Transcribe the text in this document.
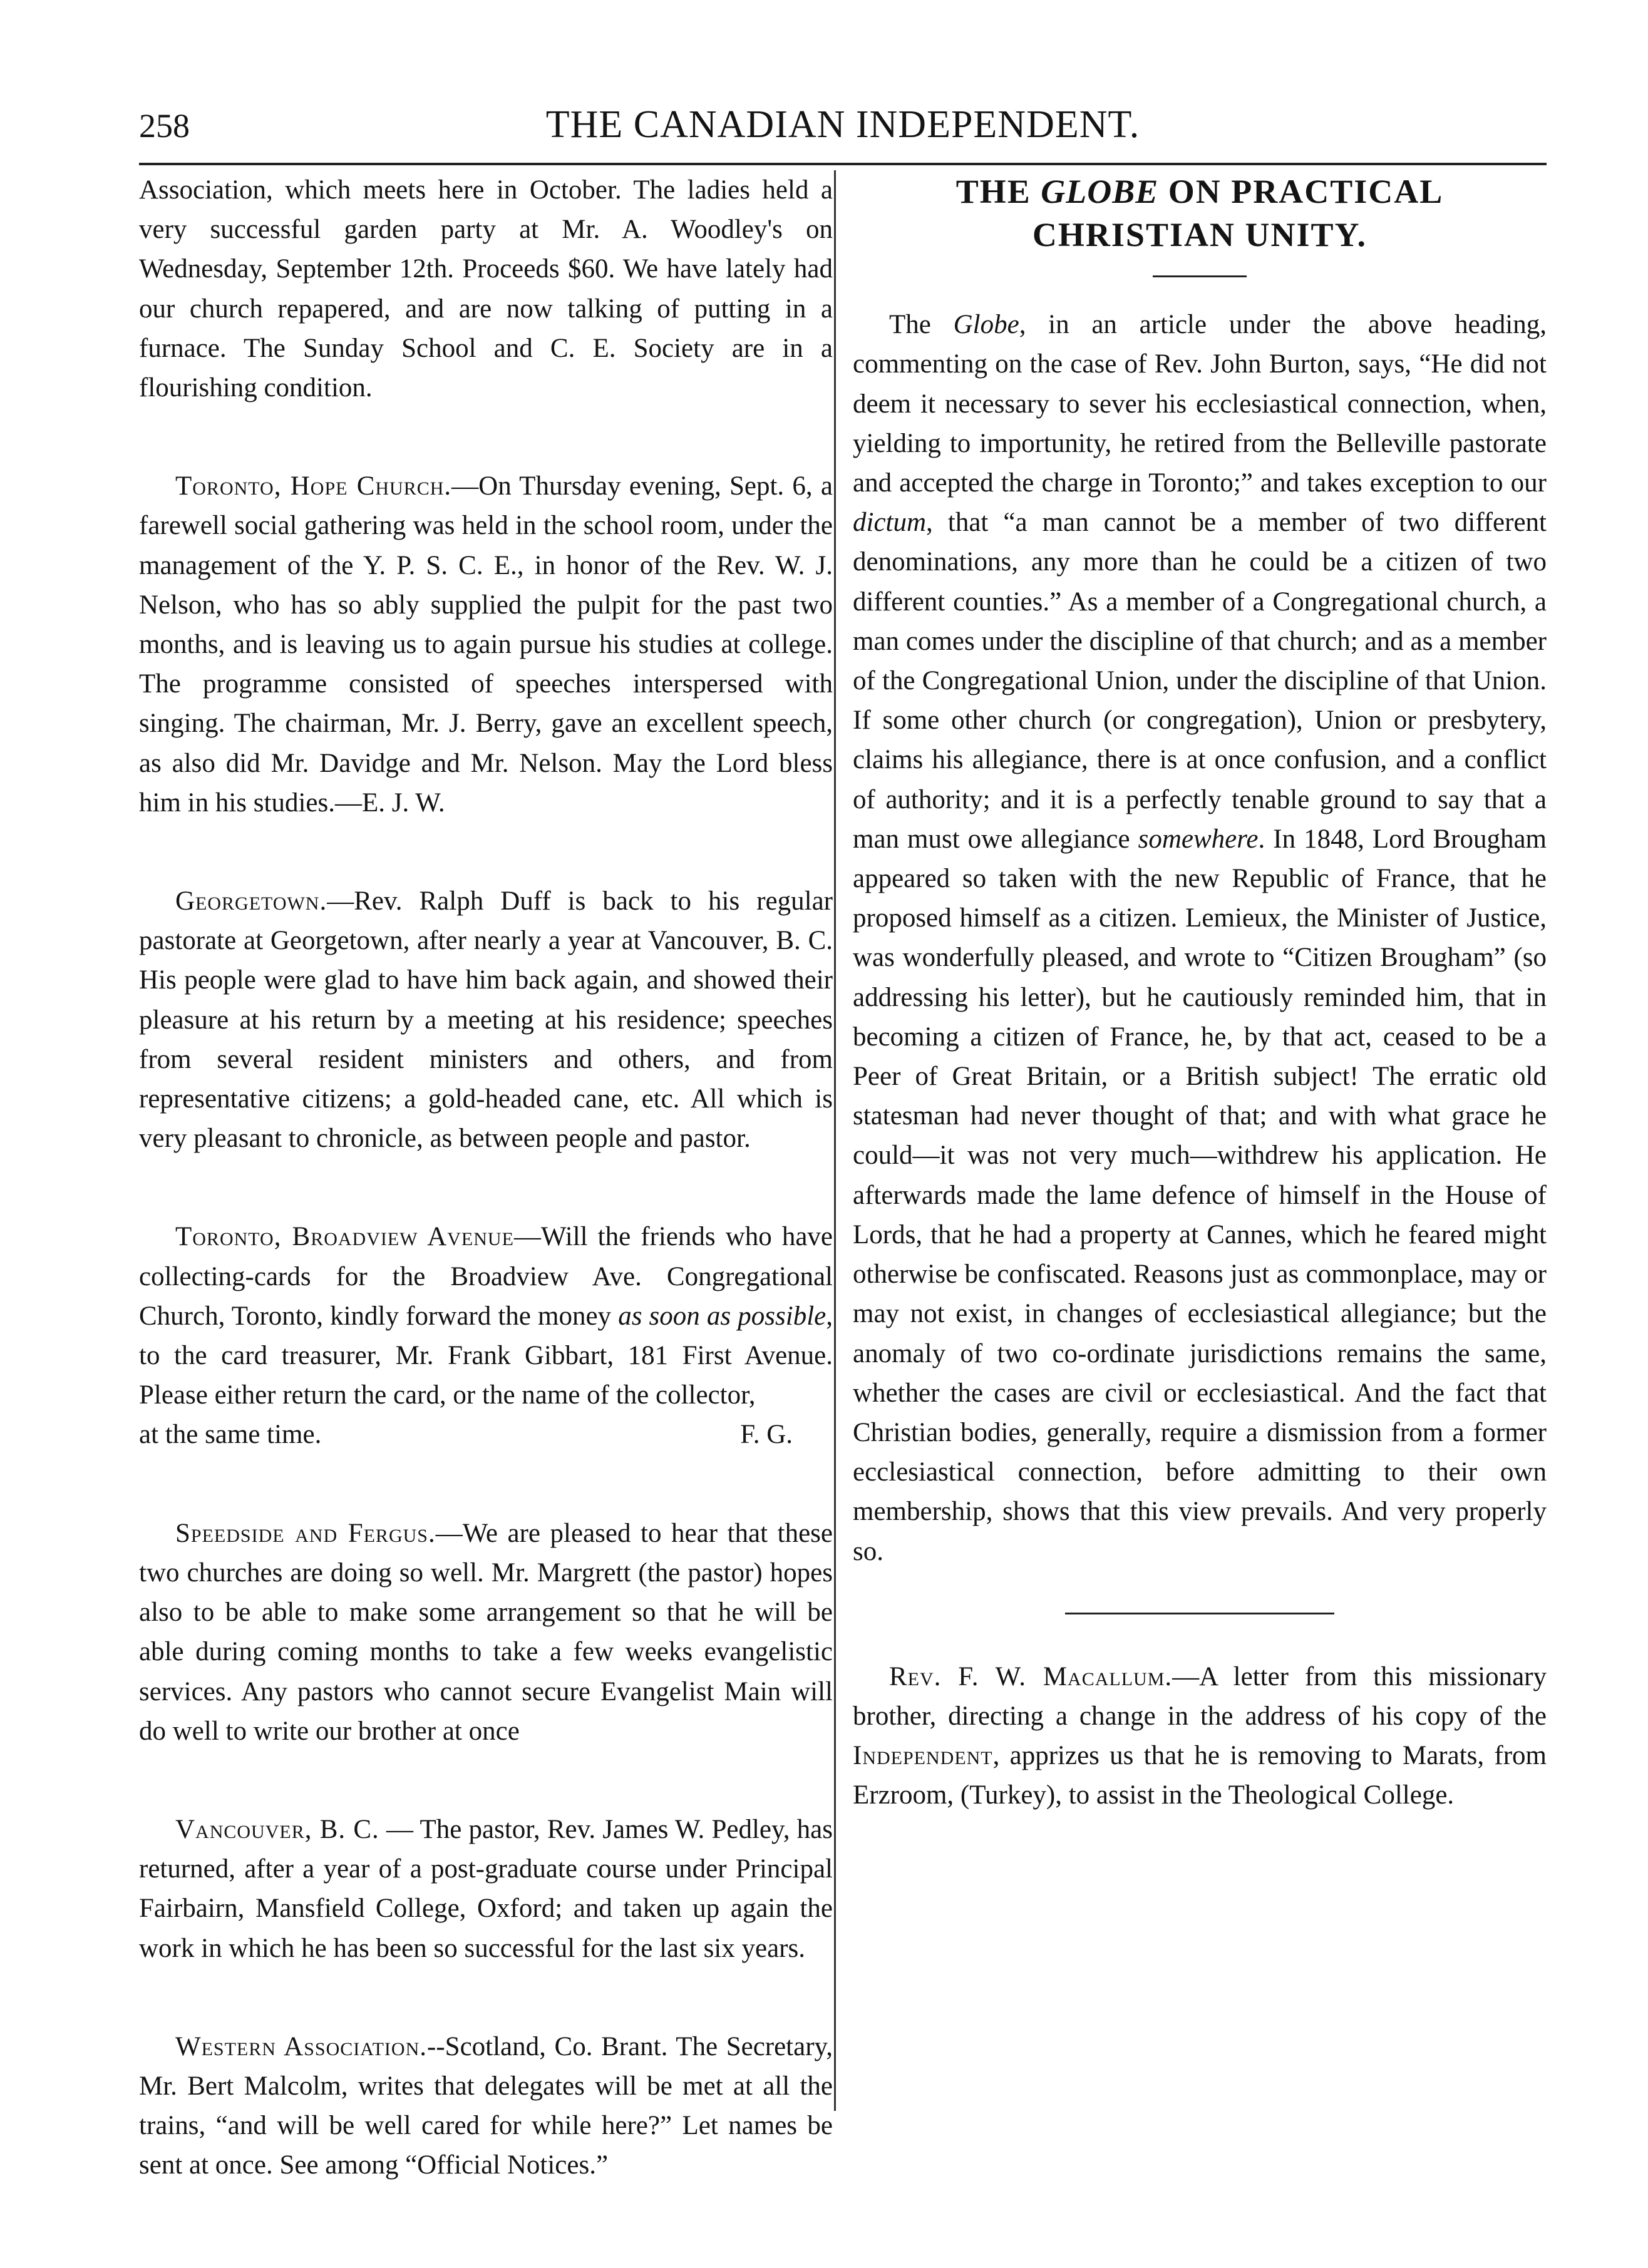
258	THE CANADIAN INDEPENDENT.

Association, which meets here in October. The ladies held a very successful garden party at Mr. A. Woodley's on Wednesday, September 12th. Proceeds $60. We have lately had our church repapered, and are now talking of putting in a furnace. The Sunday School and C. E. Society are in a flourishing condition.

Toronto, Hope Church.—On Thursday evening, Sept. 6, a farewell social gathering was held in the school room, under the management of the Y. P. S. C. E., in honor of the Rev. W. J. Nelson, who has so ably supplied the pulpit for the past two months, and is leaving us to again pursue his studies at college. The programme consisted of speeches interspersed with singing. The chairman, Mr. J. Berry, gave an excellent speech, as also did Mr. Davidge and Mr. Nelson. May the Lord bless him in his studies.—E. J. W.

Georgetown.—Rev. Ralph Duff is back to his regular pastorate at Georgetown, after nearly a year at Vancouver, B. C. His people were glad to have him back again, and showed their pleasure at his return by a meeting at his residence; speeches from several resident ministers and others, and from representative citizens; a gold-headed cane, etc. All which is very pleasant to chronicle, as between people and pastor.

Toronto, Broadview Avenue—Will the friends who have collecting-cards for the Broadview Ave. Congregational Church, Toronto, kindly forward the money as soon as possible, to the card treasurer, Mr. Frank Gibbart, 181 First Avenue. Please either return the card, or the name of the collector,

at the same time.	F. G.

Speedside and Fergus.—We are pleased to hear that these two churches are doing so well. Mr. Margrett (the pastor) hopes also to be able to make some arrangement so that he will be able during coming months to take a few weeks evangelistic services. Any pastors who cannot secure Evangelist Main will do well to write our brother at once

Vancouver, B. C. — The pastor, Rev. James W. Pedley, has returned, after a year of a post-graduate course under Principal Fairbairn, Mansfield College, Oxford; and taken up again the work in which he has been so successful for the last six years.

Western Association.--Scotland, Co. Brant. The Secretary, Mr. Bert Malcolm, writes that delegates will be met at all the trains, “and will be well cared for while here?” Let names be sent at once. See among “Official Notices.”

THE GLOBE ON PRACTICAL CHRISTIAN UNITY.

The Globe, in an article under the above heading, commenting on the case of Rev. John Burton, says, “He did not deem it necessary to sever his ecclesiastical connection, when, yielding to importunity, he retired from the Belleville pastorate and accepted the charge in Toronto;” and takes exception to our dictum, that “a man cannot be a member of two different denominations, any more than he could be a citizen of two different counties.” As a member of a Congregational church, a man comes under the discipline of that church; and as a member of the Congregational Union, under the discipline of that Union. If some other church (or congregation), Union or presbytery, claims his allegiance, there is at once confusion, and a conflict of authority; and it is a perfectly tenable ground to say that a man must owe allegiance somewhere. In 1848, Lord Brougham appeared so taken with the new Republic of France, that he proposed himself as a citizen. Lemieux, the Minister of Justice, was wonderfully pleased, and wrote to “Citizen Brougham” (so addressing his letter), but he cautiously reminded him, that in becoming a citizen of France, he, by that act, ceased to be a Peer of Great Britain, or a British subject! The erratic old statesman had never thought of that; and with what grace he could—it was not very much—withdrew his application. He afterwards made the lame defence of himself in the House of Lords, that he had a property at Cannes, which he feared might otherwise be confiscated. Reasons just as commonplace, may or may not exist, in changes of ecclesiastical allegiance; but the anomaly of two co-ordinate jurisdictions remains the same, whether the cases are civil or ecclesiastical. And the fact that Christian bodies, generally, require a dismission from a former ecclesiastical connection, before admitting to their own membership, shows that this view prevails. And very properly so.

Rev. F. W. Macallum.—A letter from this missionary brother, directing a change in the address of his copy of the Independent, apprizes us that he is removing to Marats, from Erzroom, (Turkey), to assist in the Theological College.
